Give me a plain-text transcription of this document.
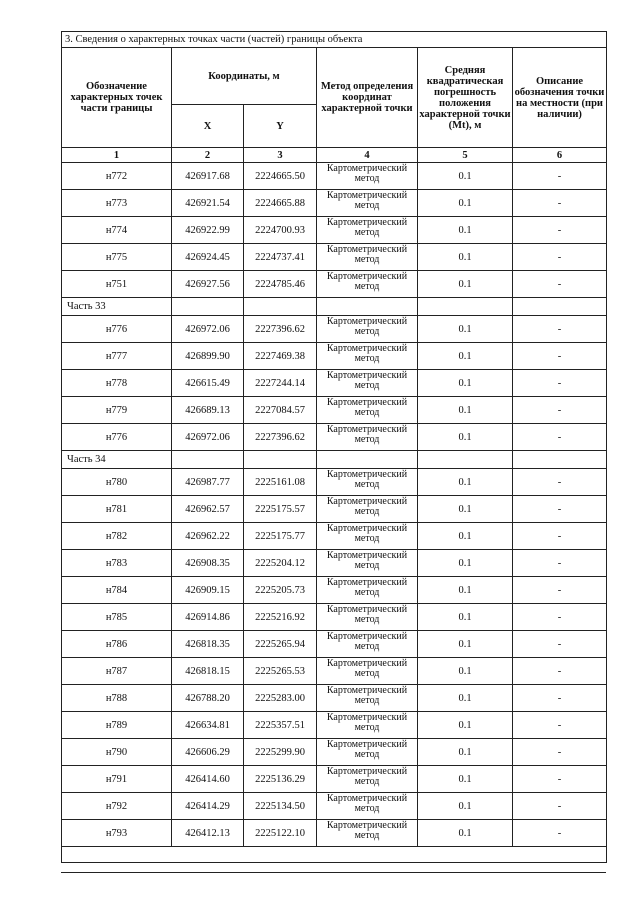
3. Сведения о характерных точках части (частей) границы объекта					
Обозначение характерных точек части границы	Координаты, м		Метод определения координат характерной точки	Средняя квадратическая погрешность положения характерной точки (Mt), м	Описание обозначения точки на местности (при наличии)
	X	Y			
1	2	3	4	5	6
н772	426917.68	2224665.50	Картометрический метод	0.1	-
н773	426921.54	2224665.88	Картометрический метод	0.1	-
н774	426922.99	2224700.93	Картометрический метод	0.1	-
н775	426924.45	2224737.41	Картометрический метод	0.1	-
н751	426927.56	2224785.46	Картометрический метод	0.1	-
Часть 33					
н776	426972.06	2227396.62	Картометрический метод	0.1	-
н777	426899.90	2227469.38	Картометрический метод	0.1	-
н778	426615.49	2227244.14	Картометрический метод	0.1	-
н779	426689.13	2227084.57	Картометрический метод	0.1	-
н776	426972.06	2227396.62	Картометрический метод	0.1	-
Часть 34					
н780	426987.77	2225161.08	Картометрический метод	0.1	-
н781	426962.57	2225175.57	Картометрический метод	0.1	-
н782	426962.22	2225175.77	Картометрический метод	0.1	-
н783	426908.35	2225204.12	Картометрический метод	0.1	-
н784	426909.15	2225205.73	Картометрический метод	0.1	-
н785	426914.86	2225216.92	Картометрический метод	0.1	-
н786	426818.35	2225265.94	Картометрический метод	0.1	-
н787	426818.15	2225265.53	Картометрический метод	0.1	-
н788	426788.20	2225283.00	Картометрический метод	0.1	-
н789	426634.81	2225357.51	Картометрический метод	0.1	-
н790	426606.29	2225299.90	Картометрический метод	0.1	-
н791	426414.60	2225136.29	Картометрический метод	0.1	-
н792	426414.29	2225134.50	Картометрический метод	0.1	-
н793	426412.13	2225122.10	Картометрический метод	0.1	-
